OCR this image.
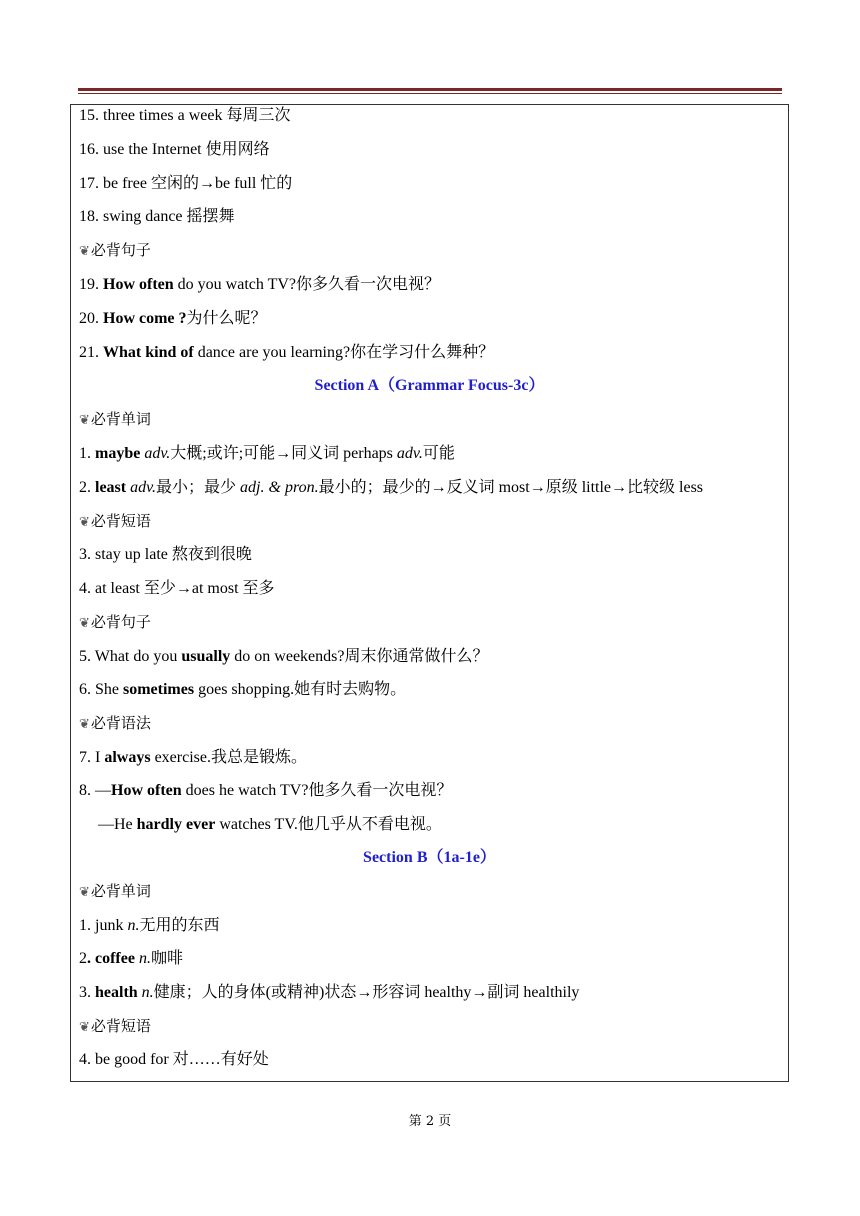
15. three times a week 每周三次
16. use the Internet 使用网络
17. be free 空闲的→be full 忙的
18. swing dance 摇摆舞
❦必背句子
19. How often do you watch TV?你多久看一次电视？
20. How come ?为什么呢？
21. What kind of dance are you learning?你在学习什么舞种？
Section A（Grammar Focus-3c）
❦必背单词
1. maybe adv.大概;或许;可能→同义词 perhaps adv.可能
2. least adv.最小；最少 adj. & pron.最小的；最少的→反义词 most→原级 little→比较级 less
❦必背短语
3. stay up late 熬夜到很晚
4. at least 至少→at most 至多
❦必背句子
5. What do you usually do on weekends?周末你通常做什么？
6. She sometimes goes shopping.她有时去购物。
❦必背语法
7. I always exercise.我总是锻炼。
8. —How often does he watch TV?他多久看一次电视？
—He hardly ever watches TV.他几乎从不看电视。
Section B（1a-1e）
❦必背单词
1. junk n.无用的东西
2. coffee n.咖啡
3. health n.健康；人的身体(或精神)状态→形容词 healthy→副词 healthily
❦必背短语
4. be good for 对……有好处
第 2 页
